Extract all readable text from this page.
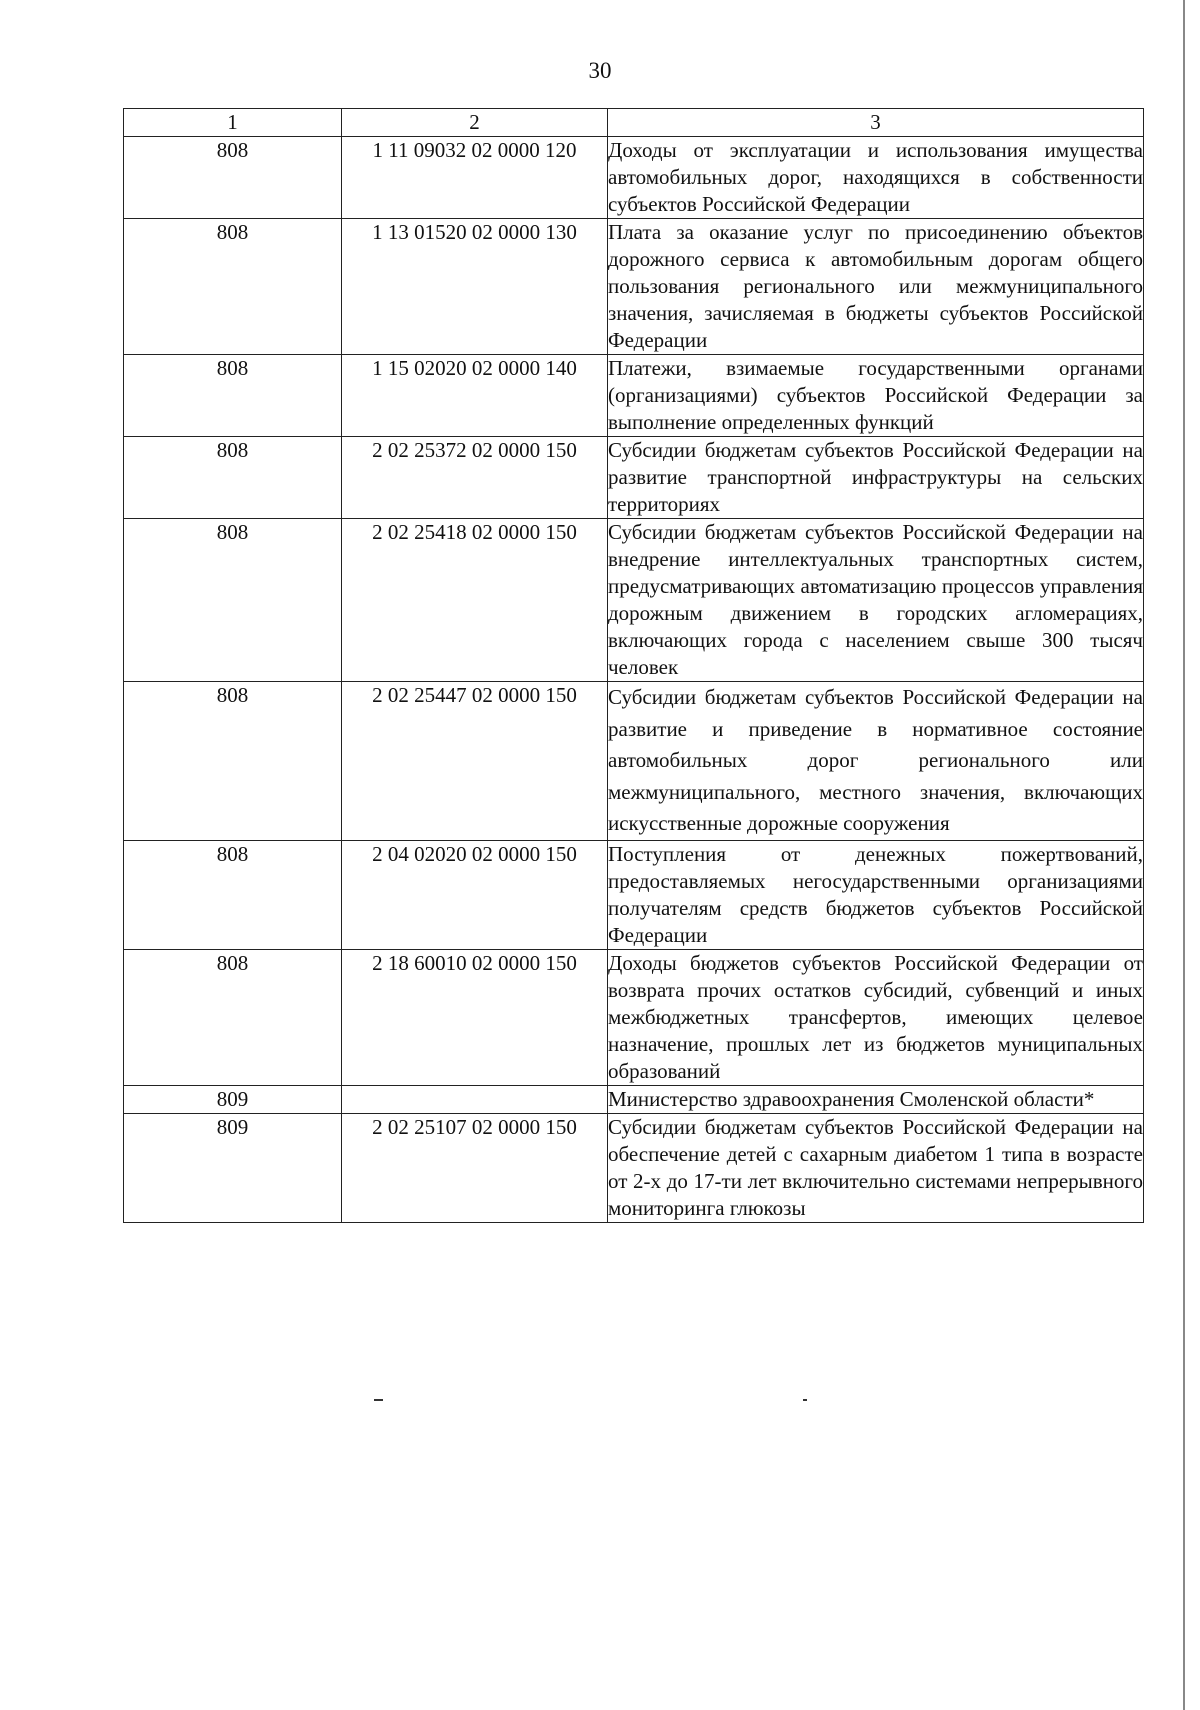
30
1	2	3
808	1 11 09032 02 0000 120	Доходы от эксплуатации и использования имущества автомобильных дорог, находящихся в собственности субъектов Российской Федерации
808	1 13 01520 02 0000 130	Плата за оказание услуг по присоединению объектов дорожного сервиса к автомобильным дорогам общего пользования регионального или межмуниципального значения, зачисляемая в бюджеты субъектов Российской Федерации
808	1 15 02020 02 0000 140	Платежи, взимаемые государственными органами (организациями) субъектов Российской Федерации за выполнение определенных функций
808	2 02 25372 02 0000 150	Субсидии бюджетам субъектов Российской Федерации на развитие транспортной инфраструктуры на сельских территориях
808	2 02 25418 02 0000 150	Субсидии бюджетам субъектов Российской Федерации на внедрение интеллектуальных транспортных систем, предусматривающих автоматизацию процессов управления дорожным движением в городских агломерациях, включающих города с населением свыше 300 тысяч человек
808	2 02 25447 02 0000 150	Субсидии бюджетам субъектов Российской Федерации на развитие и приведение в нормативное состояние автомобильных дорог регионального или межмуниципального, местного значения, включающих искусственные дорожные сооружения
808	2 04 02020 02 0000 150	Поступления от денежных пожертвований, предоставляемых негосударственными организациями получателям средств бюджетов субъектов Российской Федерации
808	2 18 60010 02 0000 150	Доходы бюджетов субъектов Российской Федерации от возврата прочих остатков субсидий, субвенций и иных межбюджетных трансфертов, имеющих целевое назначение, прошлых лет из бюджетов муниципальных образований
809		Министерство здравоохранения Смоленской области*
809	2 02 25107 02 0000 150	Субсидии бюджетам субъектов Российской Федерации на обеспечение детей с сахарным диабетом 1 типа в возрасте от 2-х до 17-ти лет включительно системами непрерывного мониторинга глюкозы
